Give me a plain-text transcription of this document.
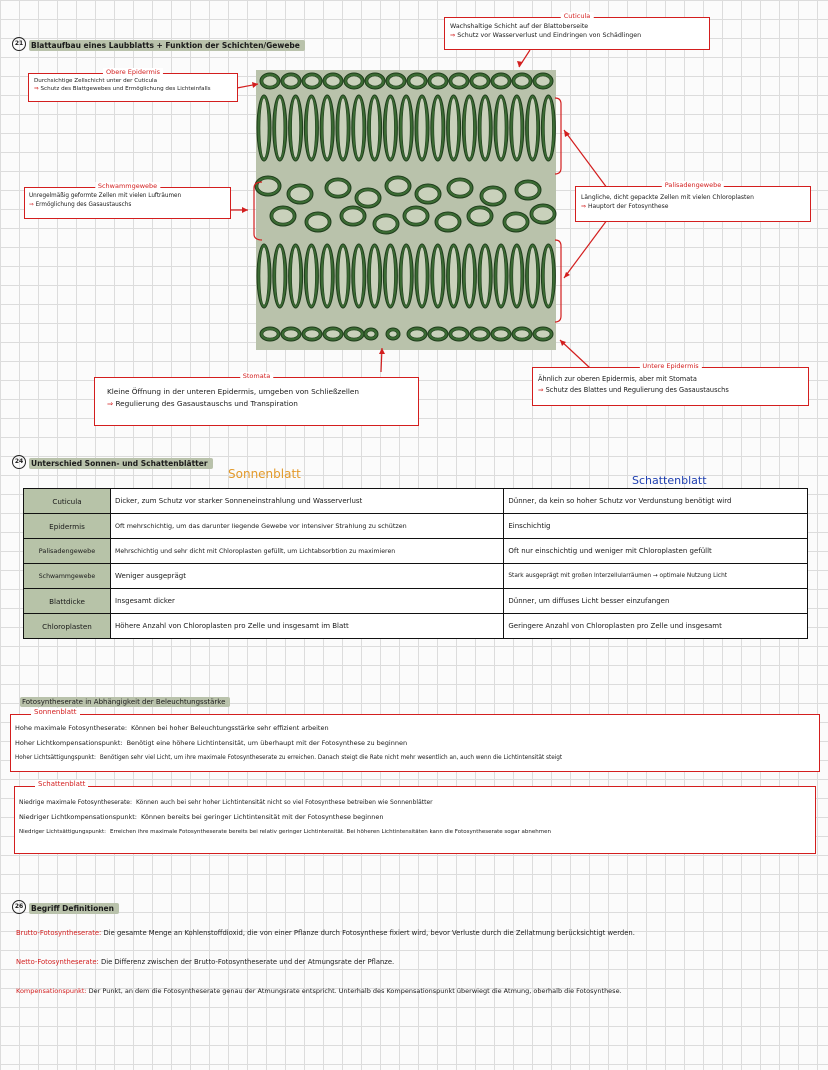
21 Blattaufbau eines Laubblatts + Funktion der Schichten/Gewebe
Cuticula
Wachshaltige Schicht auf der Blattoberseite
⇒ Schutz vor Wasserverlust und Eindringen von Schädlingen
Obere Epidermis
Durchsichtige Zellschicht unter der Cuticula
⇒ Schutz des Blattgewebes und Ermöglichung des Lichteinfalls
Schwammgewebe
Unregelmäßig geformte Zellen mit vielen Lufträumen
⇒ Ermöglichung des Gasaustauschs
Palisadengewebe
Längliche, dicht gepackte Zellen mit vielen Chloroplasten
⇒ Hauptort der Fotosynthese
Untere Epidermis
Ähnlich zur oberen Epidermis, aber mit Stomata
⇒ Schutz des Blattes und Regulierung des Gasaustauschs
Stomata
Kleine Öffnung in der unteren Epidermis, umgeben von Schließzellen
⇒ Regulierung des Gasaustauschs und Transpiration
24 Unterschied Sonnen- und Schattenblätter
Sonnenblatt	Schattenblatt
Cuticula	Dicker, zum Schutz vor starker Sonneneinstrahlung und Wasserverlust	Dünner, da kein so hoher Schutz vor Verdunstung benötigt wird
Epidermis	Oft mehrschichtig, um das darunter liegende Gewebe vor intensiver Strahlung zu schützen	Einschichtig
Palisadengewebe	Mehrschichtig und sehr dicht mit Chloroplasten gefüllt, um Lichtabsorbtion zu maximieren	Oft nur einschichtig und weniger mit Chloroplasten gefüllt
Schwammgewebe	Weniger ausgeprägt	Stark ausgeprägt mit großen Interzellularräumen → optimale Nutzung Licht
Blattdicke	Insgesamt dicker	Dünner, um diffuses Licht besser einzufangen
Chloroplasten	Höhere Anzahl von Chloroplasten pro Zelle und insgesamt im Blatt	Geringere Anzahl von Chloroplasten pro Zelle und insgesamt
Fotosyntheserate in Abhängigkeit der Beleuchtungsstärke
Sonnenblatt
Hohe maximale Fotosyntheserate: Können bei hoher Beleuchtungsstärke sehr effizient arbeiten
Hoher Lichtkompensationspunkt: Benötigt eine höhere Lichtintensität, um überhaupt mit der Fotosynthese zu beginnen
Hoher Lichtsättigungspunkt: Benötigen sehr viel Licht, um ihre maximale Fotosyntheserate zu erreichen. Danach steigt die Rate nicht mehr wesentlich an, auch wenn die Lichtintensität steigt
Schattenblatt
Niedrige maximale Fotosyntheserate: Können auch bei sehr hoher Lichtintensität nicht so viel Fotosynthese betreiben wie Sonnenblätter
Niedriger Lichtkompensationspunkt: Können bereits bei geringer Lichtintensität mit der Fotosynthese beginnen
Niedriger Lichtsättigungspunkt: Erreichen ihre maximale Fotosyntheserate bereits bei relativ geringer Lichtintensität. Bei höheren Lichtintensitäten kann die Fotosyntheserate sogar abnehmen
26 Begriff Definitionen
Brutto-Fotosyntheserate: Die gesamte Menge an Kohlenstoffdioxid, die von einer Pflanze durch Fotosynthese fixiert wird, bevor Verluste durch die Zellatmung berücksichtigt werden.
Netto-Fotosyntheserate: Die Differenz zwischen der Brutto-Fotosyntheserate und der Atmungsrate der Pflanze.
Kompensationspunkt: Der Punkt, an dem die Fotosyntheserate genau der Atmungsrate entspricht. Unterhalb des Kompensationspunkt überwiegt die Atmung, oberhalb die Fotosynthese.
